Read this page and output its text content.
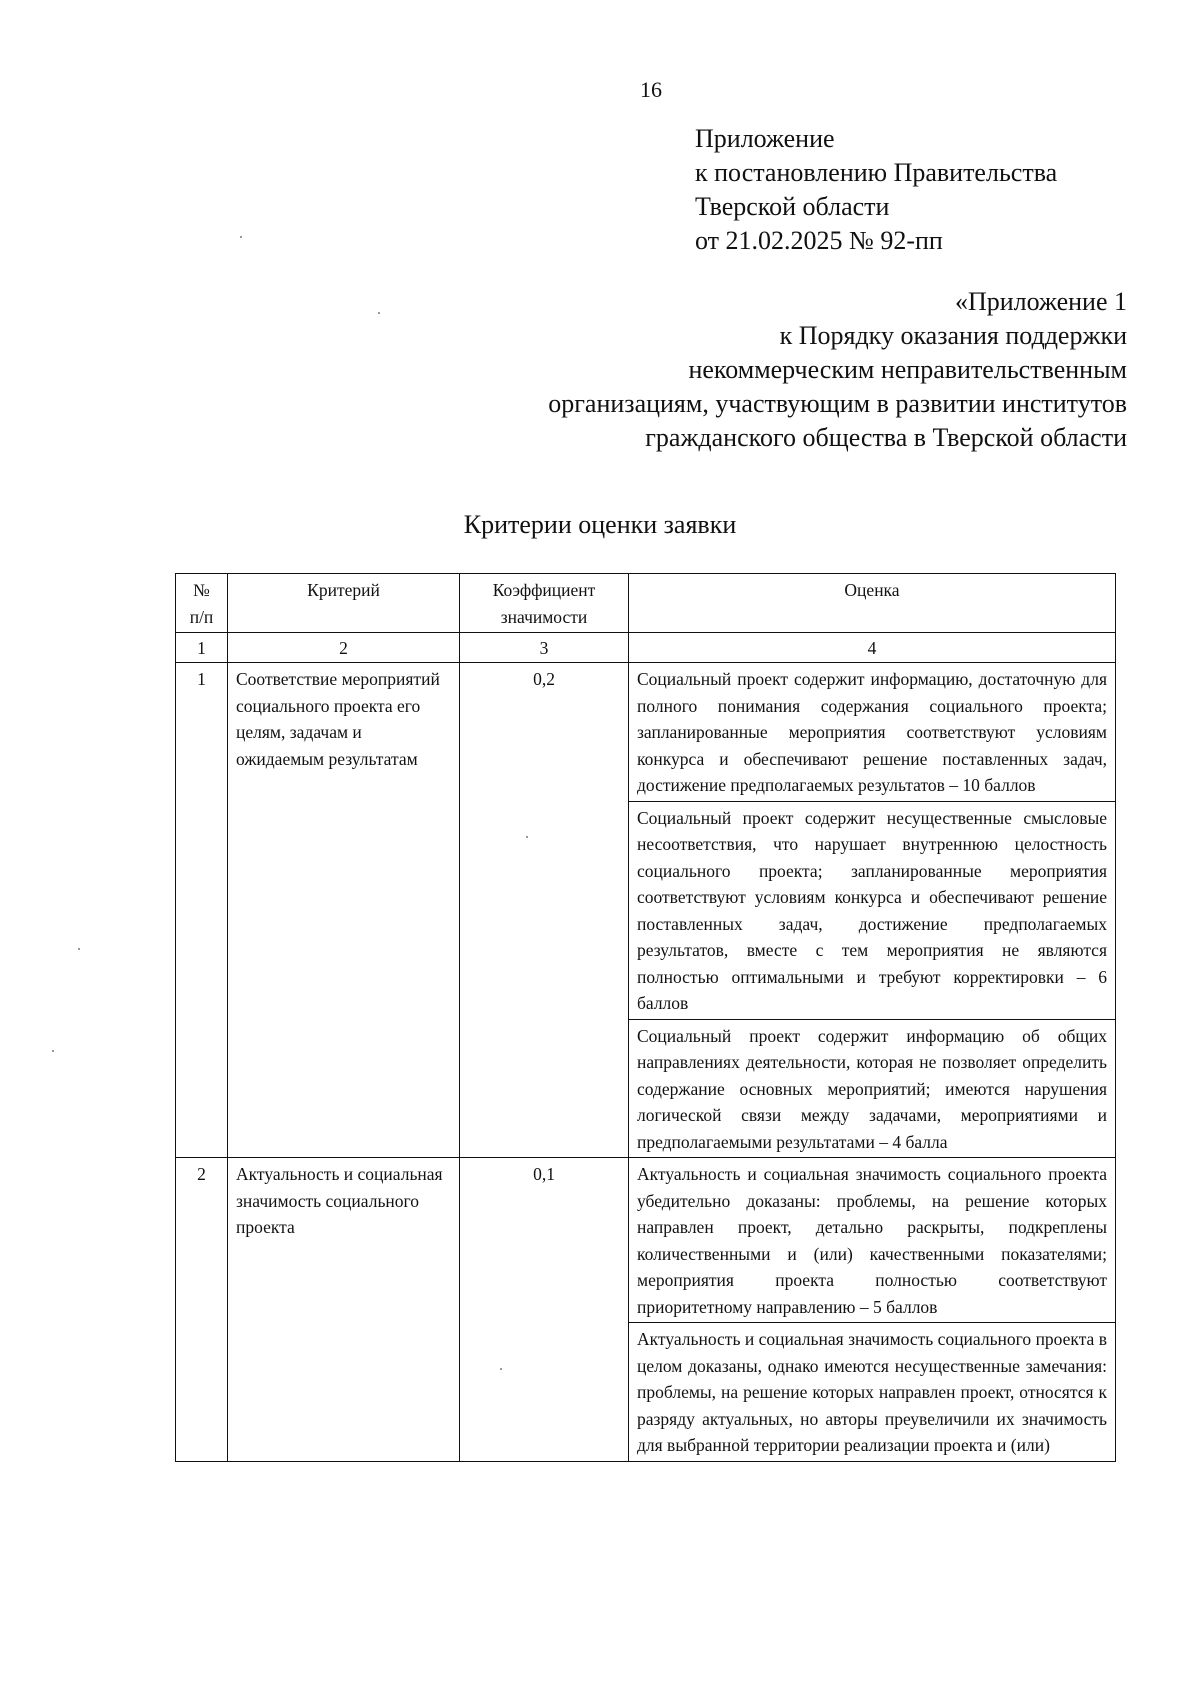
16
Приложение
к постановлению Правительства
Тверской области
от 21.02.2025 № 92-пп
«Приложение 1
к Порядку оказания поддержки
некоммерческим неправительственным
организациям, участвующим в развитии институтов
гражданского общества в Тверской области
Критерии оценки заявки
№ п/п	Критерий	Коэффициент значимости	Оценка
1	2	3	4
1	Соответствие мероприятий социального проекта его целям, задачам и ожидаемым результатам	0,2	Социальный проект содержит информацию, достаточную для полного понимания содержания социального проекта; запланированные мероприятия соответствуют условиям конкурса и обеспечивают решение поставленных задач, достижение предполагаемых результатов – 10 баллов
			Социальный проект содержит несущественные смысловые несоответствия, что нарушает внутреннюю целостность социального проекта; запланированные мероприятия соответствуют условиям конкурса и обеспечивают решение поставленных задач, достижение предполагаемых результатов, вместе с тем мероприятия не являются полностью оптимальными и требуют корректировки – 6 баллов
			Социальный проект содержит информацию об общих направлениях деятельности, которая не позволяет определить содержание основных мероприятий; имеются нарушения логической связи между задачами, мероприятиями и предполагаемыми результатами – 4 балла
2	Актуальность и социальная значимость социального проекта	0,1	Актуальность и социальная значимость социального проекта убедительно доказаны: проблемы, на решение которых направлен проект, детально раскрыты, подкреплены количественными и (или) качественными показателями; мероприятия проекта полностью соответствуют приоритетному направлению – 5 баллов
			Актуальность и социальная значимость социального проекта в целом доказаны, однако имеются несущественные замечания: проблемы, на решение которых направлен проект, относятся к разряду актуальных, но авторы преувеличили их значимость для выбранной территории реализации проекта и (или)
